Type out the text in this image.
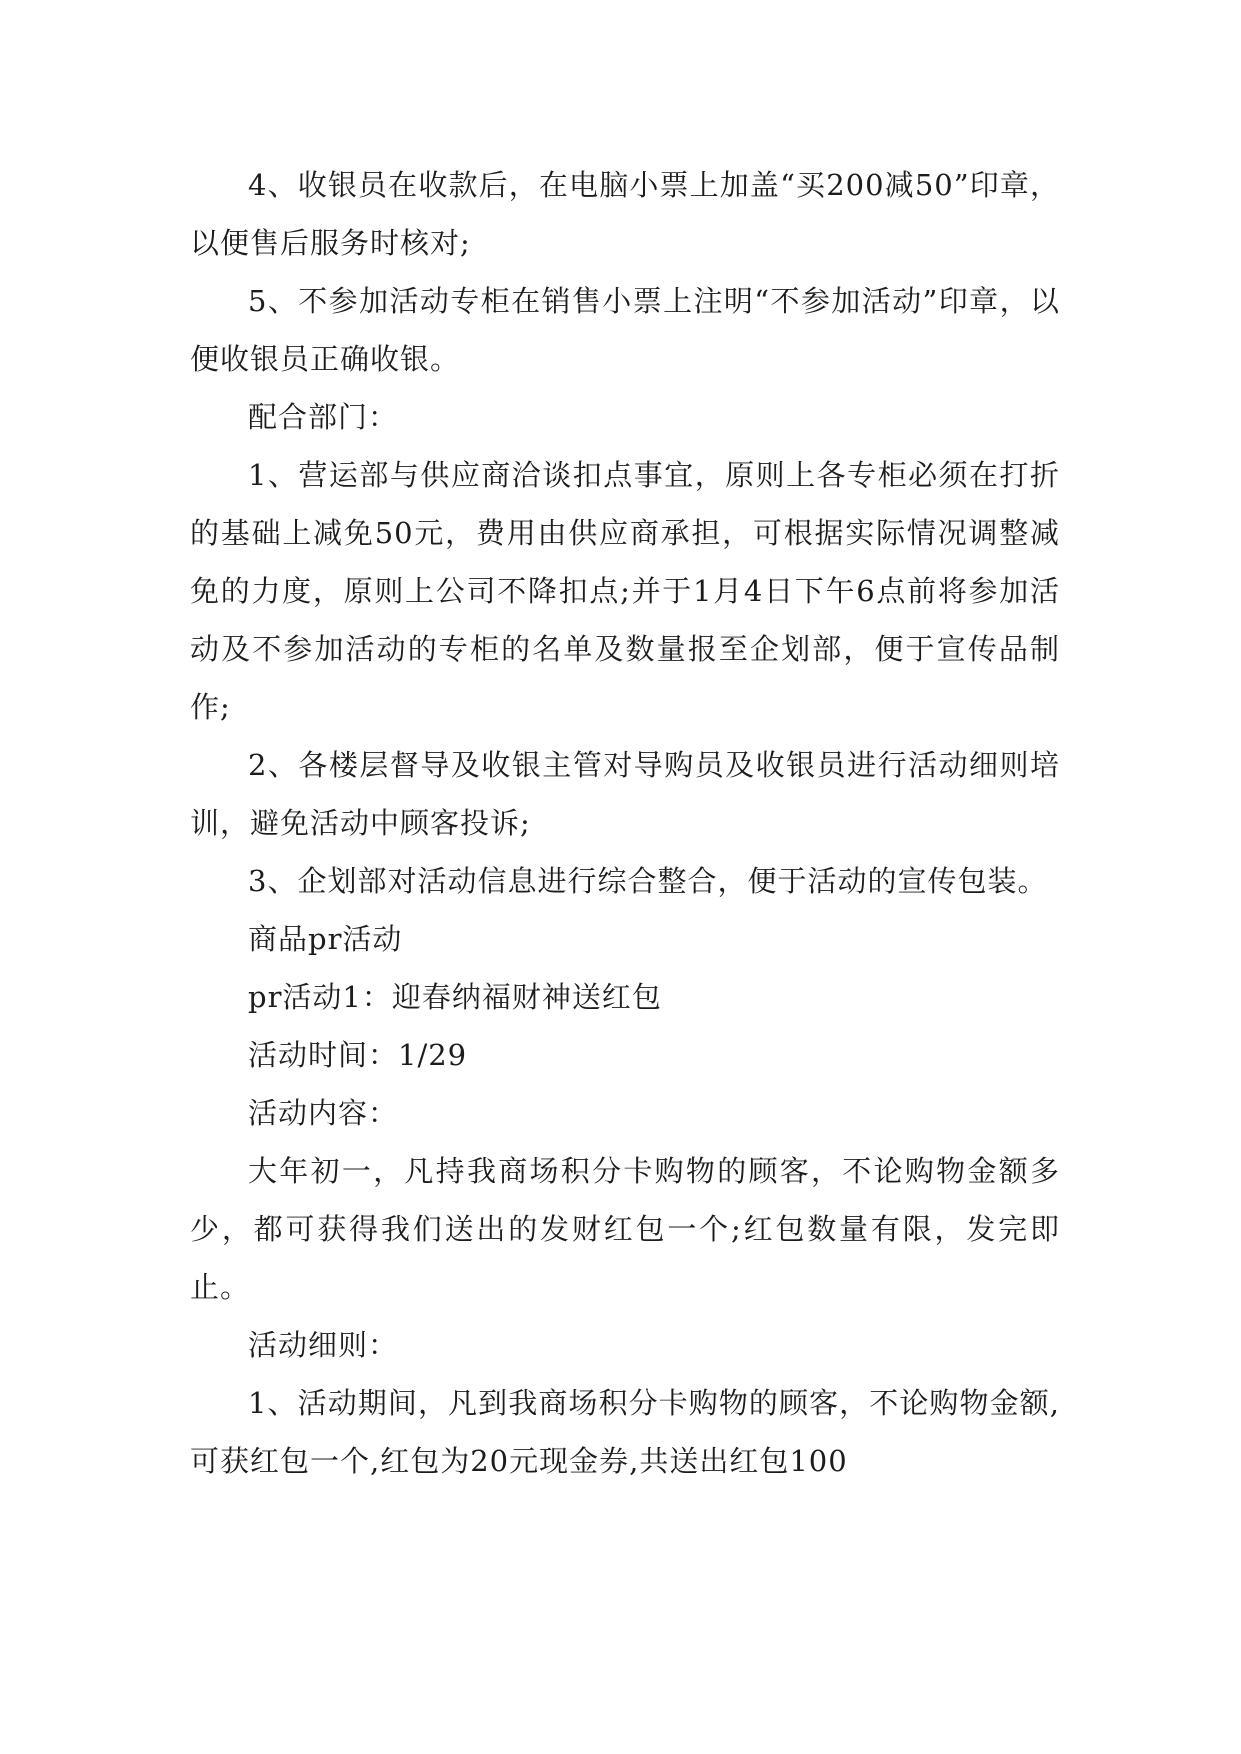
4、收银员在收款后，在电脑小票上加盖“买200减50”印章，以便售后服务时核对;

5、不参加活动专柜在销售小票上注明“不参加活动”印章，以便收银员正确收银。

配合部门：

1、营运部与供应商洽谈扣点事宜，原则上各专柜必须在打折的基础上减免50元，费用由供应商承担，可根据实际情况调整减免的力度，原则上公司不降扣点;并于1月4日下午6点前将参加活动及不参加活动的专柜的名单及数量报至企划部，便于宣传品制作;

2、各楼层督导及收银主管对导购员及收银员进行活动细则培训，避免活动中顾客投诉;

3、企划部对活动信息进行综合整合，便于活动的宣传包装。

商品pr活动

pr活动1：迎春纳福财神送红包

活动时间：1/29

活动内容：

大年初一，凡持我商场积分卡购物的顾客，不论购物金额多少，都可获得我们送出的发财红包一个;红包数量有限，发完即止。

活动细则：

1、活动期间，凡到我商场积分卡购物的顾客，不论购物金额,可获红包一个,红包为20元现金券,共送出红包100
